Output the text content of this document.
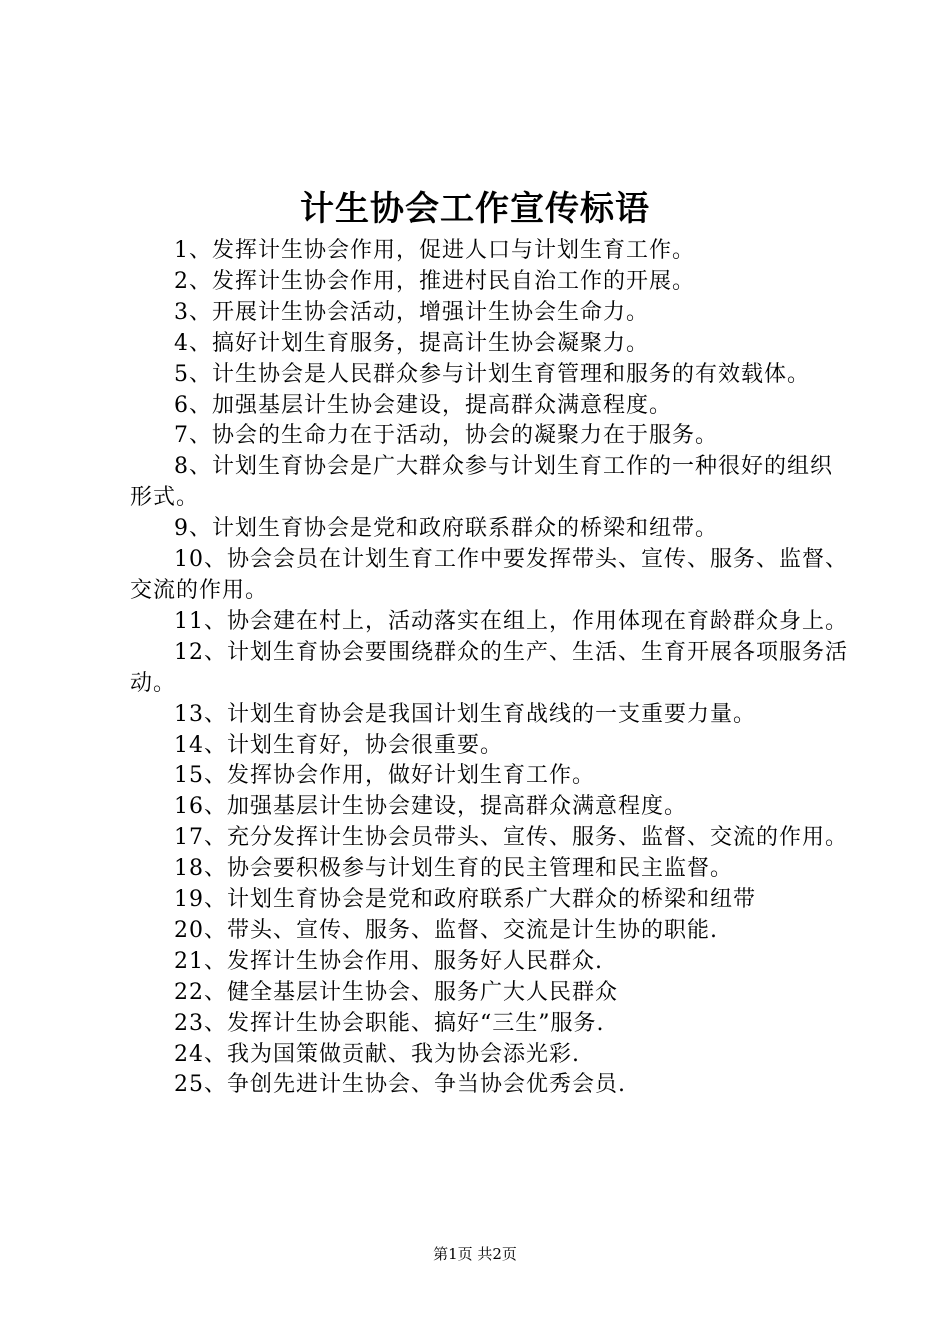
计生协会工作宣传标语

1、发挥计生协会作用，促进人口与计划生育工作。

2、发挥计生协会作用，推进村民自治工作的开展。

3、开展计生协会活动，增强计生协会生命力。

4、搞好计划生育服务，提高计生协会凝聚力。

5、计生协会是人民群众参与计划生育管理和服务的有效载体。

6、加强基层计生协会建设，提高群众满意程度。

7、协会的生命力在于活动，协会的凝聚力在于服务。

8、计划生育协会是广大群众参与计划生育工作的一种很好的组织形式。

9、计划生育协会是党和政府联系群众的桥梁和纽带。

10、协会会员在计划生育工作中要发挥带头、宣传、服务、监督、交流的作用。

11、协会建在村上，活动落实在组上，作用体现在育龄群众身上。

12、计划生育协会要围绕群众的生产、生活、生育开展各项服务活动。

13、计划生育协会是我国计划生育战线的一支重要力量。

14、计划生育好，协会很重要。

15、发挥协会作用，做好计划生育工作。

16、加强基层计生协会建设，提高群众满意程度。

17、充分发挥计生协会员带头、宣传、服务、监督、交流的作用。

18、协会要积极参与计划生育的民主管理和民主监督。

19、计划生育协会是党和政府联系广大群众的桥梁和纽带

20、带头、宣传、服务、监督、交流是计生协的职能.

21、发挥计生协会作用、服务好人民群众.

22、健全基层计生协会、服务广大人民群众

23、发挥计生协会职能、搞好“三生”服务.

24、我为国策做贡献、我为协会添光彩.

25、争创先进计生协会、争当协会优秀会员.

第1页 共2页
